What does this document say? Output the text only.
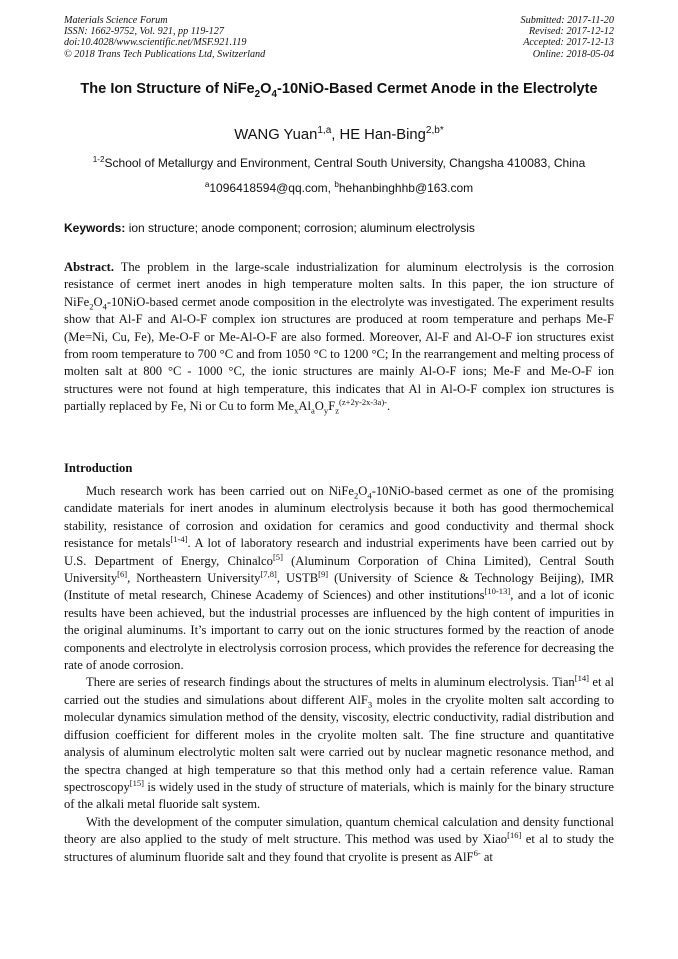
Materials Science Forum
ISSN: 1662-9752, Vol. 921, pp 119-127
doi:10.4028/www.scientific.net/MSF.921.119
© 2018 Trans Tech Publications Ltd, Switzerland
Submitted: 2017-11-20
Revised: 2017-12-12
Accepted: 2017-12-13
Online: 2018-05-04
The Ion Structure of $NiFe_2O_4-10NiO$-Based Cermet Anode in the Electrolyte
WANG Yuan$^{1,a}$, HE Han-Bing$^{2,b*}$
$^{1-2}$School of Metallurgy and Environment, Central South University, Changsha 410083, China
$^a$1096418594@qq.com, $^b$hehanbinghhb@163.com
Keywords: ion structure; anode component; corrosion; aluminum electrolysis
Abstract. The problem in the large-scale industrialization for aluminum electrolysis is the corrosion resistance of cermet inert anodes in high temperature molten salts. In this paper, the ion structure of $NiFe_2O_4-10NiO$-based cermet anode composition in the electrolyte was investigated. The experiment results show that Al-F and Al-O-F complex ion structures are produced at room temperature and perhaps Me-F (Me=Ni, Cu, Fe), Me-O-F or Me-Al-O-F are also formed. Moreover, Al-F and Al-O-F ion structures exist from room temperature to 700 °C and from 1050 °C to 1200 °C; In the rearrangement and melting process of molten salt at 800 °C - 1000 °C, the ionic structures are mainly Al-O-F ions; Me-F and Me-O-F ion structures were not found at high temperature, this indicates that Al in Al-O-F complex ion structures is partially replaced by Fe, Ni or Cu to form $Me_xAl_aO_yF_z^{(z+2y-2x-3a)-}$.
Introduction

Much research work has been carried out on $NiFe_2O_4-10NiO$-based cermet as one of the promising candidate materials for inert anodes in aluminum electrolysis because it both has good thermochemical stability, resistance of corrosion and oxidation for ceramics and good conductivity and thermal shock resistance for metals[1-4]. A lot of laboratory research and industrial experiments have been carried out by U.S. Department of Energy, Chinalco[5] (Aluminum Corporation of China Limited), Central South University[6], Northeastern University[7,8], USTB[9] (University of Science & Technology Beijing), IMR (Institute of metal research, Chinese Academy of Sciences) and other institutions[10-13], and a lot of iconic results have been achieved, but the industrial processes are influenced by the high content of impurities in the original aluminums. It’s important to carry out on the ionic structures formed by the reaction of anode components and electrolyte in electrolysis corrosion process, which provides the reference for decreasing the rate of anode corrosion.

There are series of research findings about the structures of melts in aluminum electrolysis. Tian[14] et al carried out the studies and simulations about different AlF$_3$ moles in the cryolite molten salt according to molecular dynamics simulation method of the density, viscosity, electric conductivity, radial distribution and diffusion coefficient for different moles in the cryolite molten salt. The fine structure and quantitative analysis of aluminum electrolytic molten salt were carried out by nuclear magnetic resonance method, and the spectra changed at high temperature so that this method only had a certain reference value. Raman spectroscopy[15] is widely used in the study of structure of materials, which is mainly for the binary structure of the alkali metal fluoride salt system.

With the development of the computer simulation, quantum chemical calculation and density functional theory are also applied to the study of melt structure. This method was used by Xiao[16] et al to study the structures of aluminum fluoride salt and they found that cryolite is present as AlF$^{6-}$ at
